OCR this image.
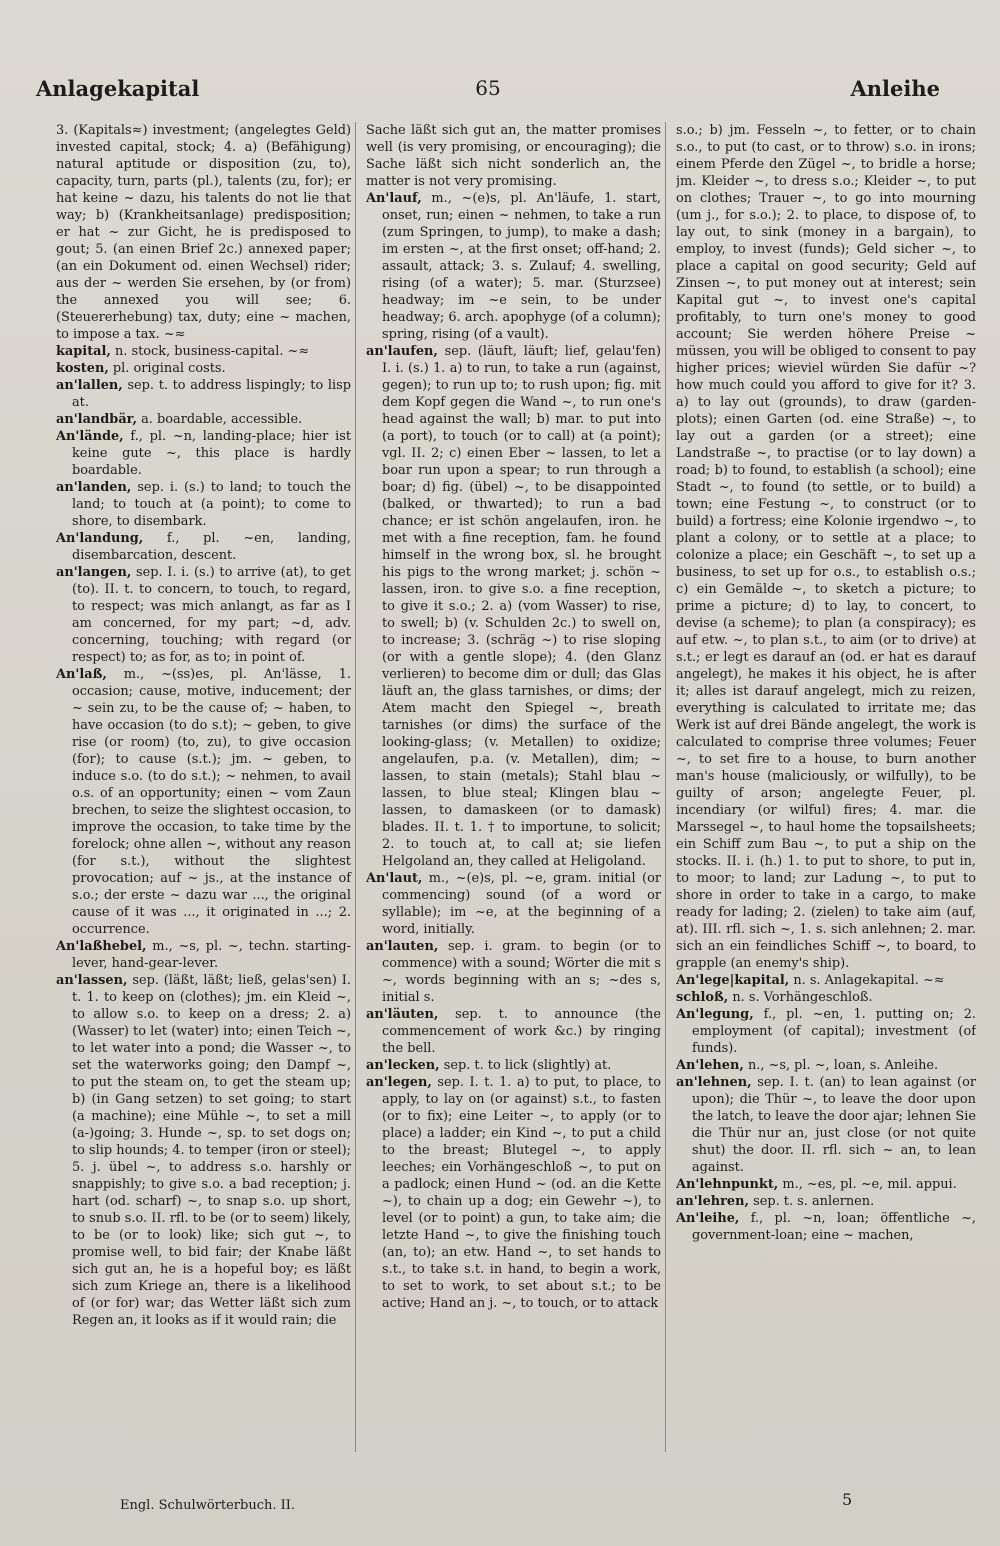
Anlagekapital	65	Anleihe

3. (Kapitals≈) investment; (angelegtes Geld) invested capital, stock; 4. a) (Befähigung) natural aptitude or disposition (zu, to), capacity, turn, parts (pl.), talents (zu, for); er hat keine ~ dazu, his talents do not lie that way; b) (Krankheitsanlage) predisposition; er hat ~ zur Gicht, he is predisposed to gout; 5. (an einen Brief 2c.) annexed paper; (an ein Dokument od. einen Wechsel) rider; aus der ~ werden Sie ersehen, by (or from) the annexed you will see; 6. (Steuererhebung) tax, duty; eine ~ machen, to impose a tax. ~≈

kapital, n. stock, business-capital. ~≈

kosten, pl. original costs.

an'lallen, sep. t. to address lispingly; to lisp at.

an'landbär, a. boardable, accessible.

An'lände, f., pl. ~n, landing-place; hier ist keine gute ~, this place is hardly boardable.

an'landen, sep. i. (s.) to land; to touch the land; to touch at (a point); to come to shore, to disembark.

An'landung, f., pl. ~en, landing, disembarcation, descent.

an'langen, sep. I. i. (s.) to arrive (at), to get (to). II. t. to concern, to touch, to regard, to respect; was mich anlangt, as far as I am concerned, for my part; ~d, adv. concerning, touching; with regard (or respect) to; as for, as to; in point of.

An'laß, m., ~(ss)es, pl. An'lässe, 1. occasion; cause, motive, inducement; der ~ sein zu, to be the cause of; ~ haben, to have occasion (to do s.t); ~ geben, to give rise (or room) (to, zu), to give occasion (for); to cause (s.t.); jm. ~ geben, to induce s.o. (to do s.t.); ~ nehmen, to avail o.s. of an opportunity; einen ~ vom Zaun brechen, to seize the slightest occasion, to improve the occasion, to take time by the forelock; ohne allen ~, without any reason (for s.t.), without the slightest provocation; auf ~ js., at the instance of s.o.; der erste ~ dazu war ..., the original cause of it was ..., it originated in ...; 2. occurrence.

An'laßhebel, m., ~s, pl. ~, techn. starting-lever, hand-gear-lever.

an'lassen, sep. (läßt, läßt; ließ, gelas'sen) I. t. 1. to keep on (clothes); jm. ein Kleid ~, to allow s.o. to keep on a dress; 2. a) (Wasser) to let (water) into; einen Teich ~, to let water into a pond; die Wasser ~, to set the waterworks going; den Dampf ~, to put the steam on, to get the steam up; b) (in Gang setzen) to set going; to start (a machine); eine Mühle ~, to set a mill (a-)going; 3. Hunde ~, sp. to set dogs on; to slip hounds; 4. to temper (iron or steel); 5. j. übel ~, to address s.o. harshly or snappishly; to give s.o. a bad reception; j. hart (od. scharf) ~, to snap s.o. up short, to snub s.o. II. rfl. to be (or to seem) likely, to be (or to look) like; sich gut ~, to promise well, to bid fair; der Knabe läßt sich gut an, he is a hopeful boy; es läßt sich zum Kriege an, there is a likelihood of (or for) war; das Wetter läßt sich zum Regen an, it looks as if it would rain; die

Sache läßt sich gut an, the matter promises well (is very promising, or encouraging); die Sache läßt sich nicht sonderlich an, the matter is not very promising.

An'lauf, m., ~(e)s, pl. An'läufe, 1. start, onset, run; einen ~ nehmen, to take a run (zum Springen, to jump), to make a dash; im ersten ~, at the first onset; off-hand; 2. assault, attack; 3. s. Zulauf; 4. swelling, rising (of a water); 5. mar. (Sturzsee) headway; im ~e sein, to be under headway; 6. arch. apophyge (of a column); spring, rising (of a vault).

an'laufen, sep. (läuft, läuft; lief, gelau'fen) I. i. (s.) 1. a) to run, to take a run (against, gegen); to run up to; to rush upon; fig. mit dem Kopf gegen die Wand ~, to run one's head against the wall; b) mar. to put into (a port), to touch (or to call) at (a point); vgl. II. 2; c) einen Eber ~ lassen, to let a boar run upon a spear; to run through a boar; d) fig. (übel) ~, to be disappointed (balked, or thwarted); to run a bad chance; er ist schön angelaufen, iron. he met with a fine reception, fam. he found himself in the wrong box, sl. he brought his pigs to the wrong market; j. schön ~ lassen, iron. to give s.o. a fine reception, to give it s.o.; 2. a) (vom Wasser) to rise, to swell; b) (v. Schulden 2c.) to swell on, to increase; 3. (schräg ~) to rise sloping (or with a gentle slope); 4. (den Glanz verlieren) to become dim or dull; das Glas läuft an, the glass tarnishes, or dims; der Atem macht den Spiegel ~, breath tarnishes (or dims) the surface of the looking-glass; (v. Metallen) to oxidize; angelaufen, p.a. (v. Metallen), dim; ~ lassen, to stain (metals); Stahl blau ~ lassen, to blue steal; Klingen blau ~ lassen, to damaskeen (or to damask) blades. II. t. 1. † to importune, to solicit; 2. to touch at, to call at; sie liefen Helgoland an, they called at Heligoland.

An'laut, m., ~(e)s, pl. ~e, gram. initial (or commencing) sound (of a word or syllable); im ~e, at the beginning of a word, initially.

an'lauten, sep. i. gram. to begin (or to commence) with a sound; Wörter die mit s ~, words beginning with an s; ~des s, initial s.

an'läuten, sep. t. to announce (the commencement of work &c.) by ringing the bell.

an'lecken, sep. t. to lick (slightly) at.

an'legen, sep. I. t. 1. a) to put, to place, to apply, to lay on (or against) s.t., to fasten (or to fix); eine Leiter ~, to apply (or to place) a ladder; ein Kind ~, to put a child to the breast; Blutegel ~, to apply leeches; ein Vorhängeschloß ~, to put on a padlock; einen Hund ~ (od. an die Kette ~), to chain up a dog; ein Gewehr ~), to level (or to point) a gun, to take aim; die letzte Hand ~, to give the finishing touch (an, to); an etw. Hand ~, to set hands to s.t., to take s.t. in hand, to begin a work, to set to work, to set about s.t.; to be active; Hand an j. ~, to touch, or to attack

s.o.; b) jm. Fesseln ~, to fetter, or to chain s.o., to put (to cast, or to throw) s.o. in irons; einem Pferde den Zügel ~, to bridle a horse; jm. Kleider ~, to dress s.o.; Kleider ~, to put on clothes; Trauer ~, to go into mourning (um j., for s.o.); 2. to place, to dispose of, to lay out, to sink (money in a bargain), to employ, to invest (funds); Geld sicher ~, to place a capital on good security; Geld auf Zinsen ~, to put money out at interest; sein Kapital gut ~, to invest one's capital profitably, to turn one's money to good account; Sie werden höhere Preise ~ müssen, you will be obliged to consent to pay higher prices; wieviel würden Sie dafür ~? how much could you afford to give for it? 3. a) to lay out (grounds), to draw (garden-plots); einen Garten (od. eine Straße) ~, to lay out a garden (or a street); eine Landstraße ~, to practise (or to lay down) a road; b) to found, to establish (a school); eine Stadt ~, to found (to settle, or to build) a town; eine Festung ~, to construct (or to build) a fortress; eine Kolonie irgendwo ~, to plant a colony, or to settle at a place; to colonize a place; ein Geschäft ~, to set up a business, to set up for o.s., to establish o.s.; c) ein Gemälde ~, to sketch a picture; to prime a picture; d) to lay, to concert, to devise (a scheme); to plan (a conspiracy); es auf etw. ~, to plan s.t., to aim (or to drive) at s.t.; er legt es darauf an (od. er hat es darauf angelegt), he makes it his object, he is after it; alles ist darauf angelegt, mich zu reizen, everything is calculated to irritate me; das Werk ist auf drei Bände angelegt, the work is calculated to comprise three volumes; Feuer ~, to set fire to a house, to burn another man's house (maliciously, or wilfully), to be guilty of arson; angelegte Feuer, pl. incendiary (or wilful) fires; 4. mar. die Marssegel ~, to haul home the topsailsheets; ein Schiff zum Bau ~, to put a ship on the stocks. II. i. (h.) 1. to put to shore, to put in, to moor; to land; zur Ladung ~, to put to shore in order to take in a cargo, to make ready for lading; 2. (zielen) to take aim (auf, at). III. rfl. sich ~, 1. s. sich anlehnen; 2. mar. sich an ein feindliches Schiff ~, to board, to grapple (an enemy's ship).

An'lege|kapital, n. s. Anlagekapital. ~≈

schloß, n. s. Vorhängeschloß.

An'legung, f., pl. ~en, 1. putting on; 2. employment (of capital); investment (of funds).

An'lehen, n., ~s, pl. ~, loan, s. Anleihe.

an'lehnen, sep. I. t. (an) to lean against (or upon); die Thür ~, to leave the door upon the latch, to leave the door ajar; lehnen Sie die Thür nur an, just close (or not quite shut) the door. II. rfl. sich ~ an, to lean against.

An'lehnpunkt, m., ~es, pl. ~e, mil. appui.

an'lehren, sep. t. s. anlernen.

An'leihe, f., pl. ~n, loan; öffentliche ~, government-loan; eine ~ machen,

Engl. Schulwörterbuch. II.	5
